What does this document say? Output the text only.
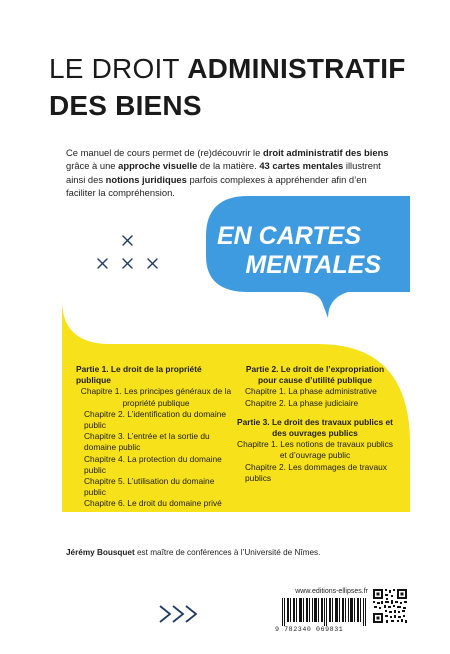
LE DROIT ADMINISTRATIF
DES BIENS
Ce manuel de cours permet de (re)découvrir le droit administratif des biens grâce à une approche visuelle de la matière. 43 cartes mentales illustrent ainsi des notions juridiques parfois complexes à appréhender afin d’en faciliter la compréhension.
EN CARTES
MENTALES
Partie 1. Le droit de la propriété publique
Chapitre 1. Les principes généraux de la propriété publique
Chapitre 2. L’identification du domaine public
Chapitre 3. L’entrée et la sortie du domaine public
Chapitre 4. La protection du domaine public
Chapitre 5. L’utilisation du domaine public
Chapitre 6. Le droit du domaine privé
Partie 2. Le droit de l’expropriation pour cause d’utilité publique
Chapitre 1. La phase administrative
Chapitre 2. La phase judiciaire
Partie 3. Le droit des travaux publics et des ouvrages publics
Chapitre 1. Les notions de travaux publics et d’ouvrage public
Chapitre 2. Les dommages de travaux publics
Jérémy Bousquet est maître de conférences à l’Université de Nîmes.
www.editions-ellipses.fr
9 782340 069831
